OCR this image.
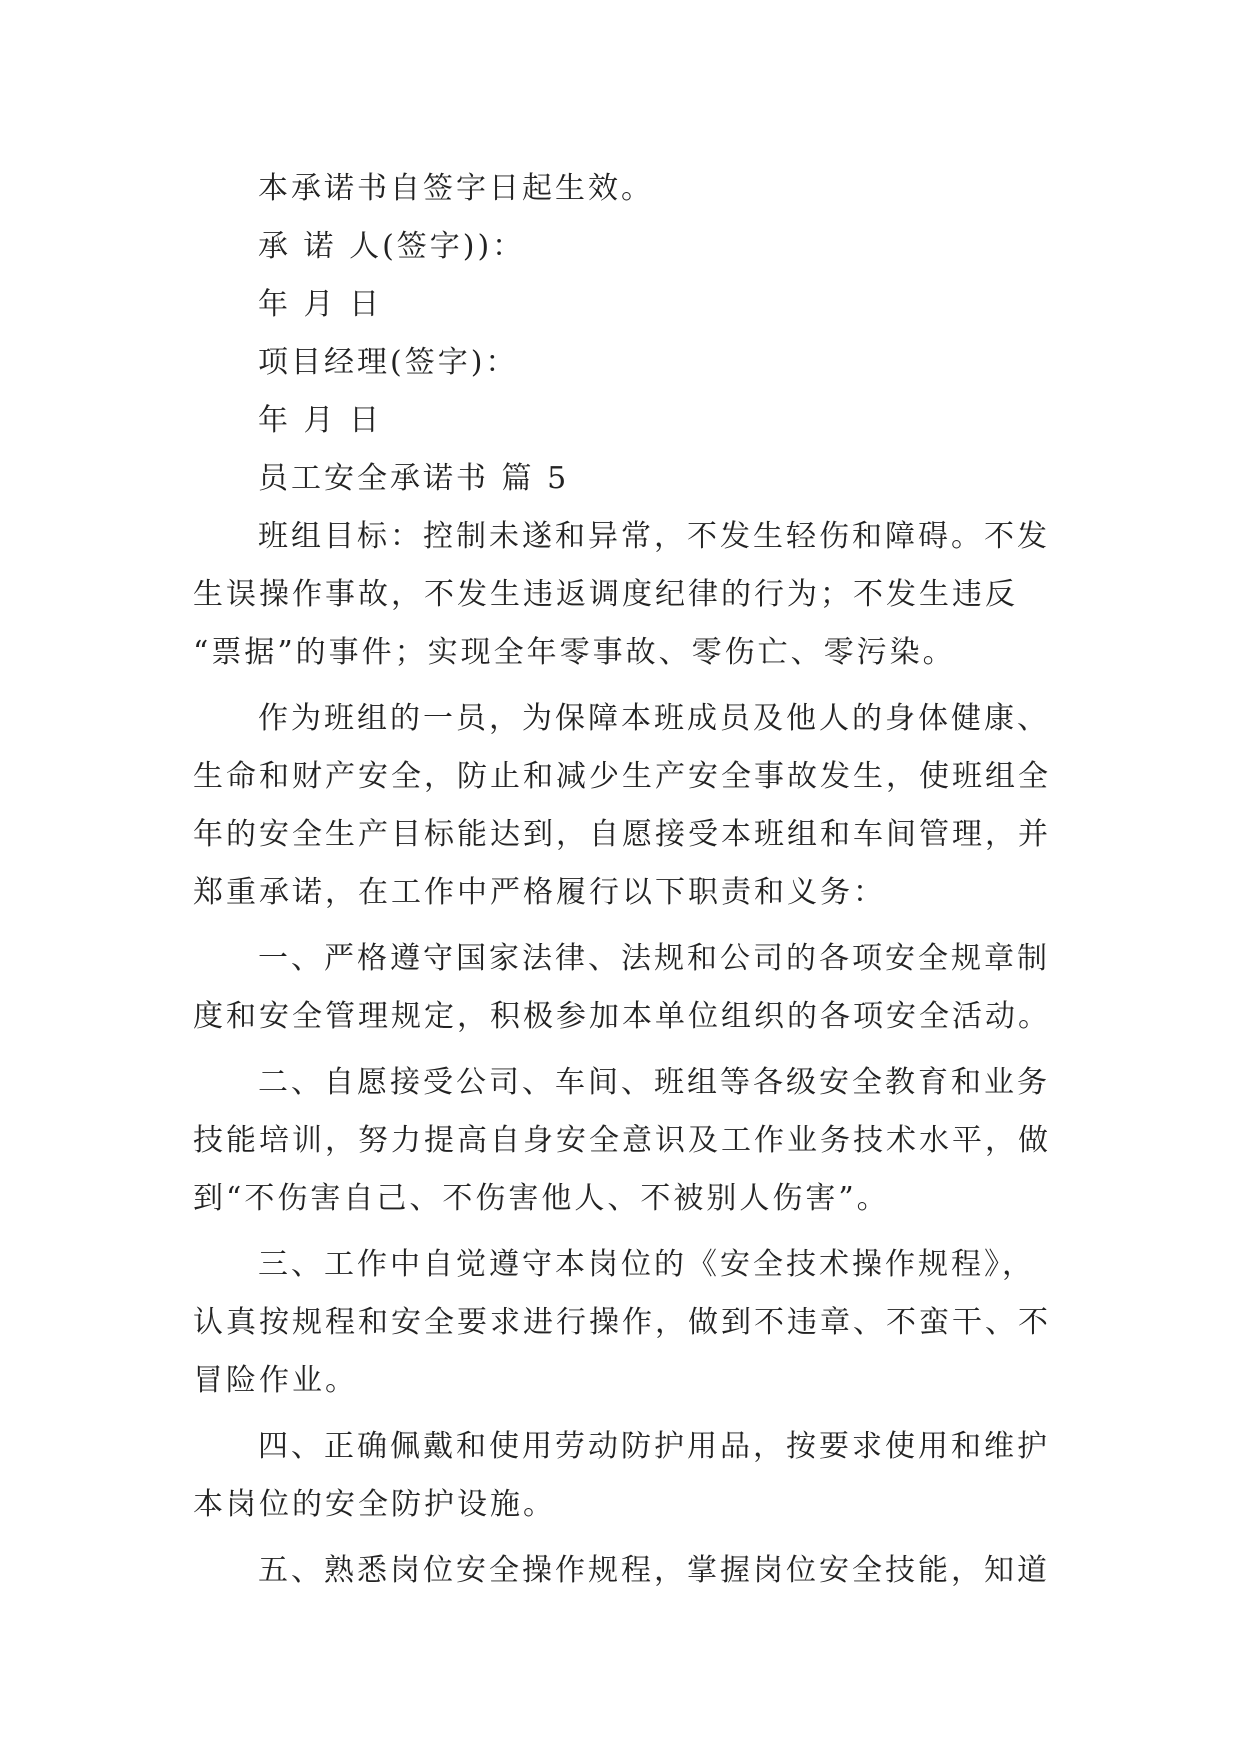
本承诺书自签字日起生效。
承 诺 人(签字))：
年 月 日
项目经理(签字)：
年 月 日
员工安全承诺书 篇 5
班组目标：控制未遂和异常，不发生轻伤和障碍。不发
生误操作事故，不发生违返调度纪律的行为；不发生违反
“票据”的事件；实现全年零事故、零伤亡、零污染。
作为班组的一员，为保障本班成员及他人的身体健康、
生命和财产安全，防止和减少生产安全事故发生，使班组全
年的安全生产目标能达到，自愿接受本班组和车间管理，并
郑重承诺，在工作中严格履行以下职责和义务：
一、严格遵守国家法律、法规和公司的各项安全规章制
度和安全管理规定，积极参加本单位组织的各项安全活动。
二、自愿接受公司、车间、班组等各级安全教育和业务
技能培训，努力提高自身安全意识及工作业务技术水平，做
到“不伤害自己、不伤害他人、不被别人伤害”。
三、工作中自觉遵守本岗位的《安全技术操作规程》，
认真按规程和安全要求进行操作，做到不违章、不蛮干、不
冒险作业。
四、正确佩戴和使用劳动防护用品，按要求使用和维护
本岗位的安全防护设施。
五、熟悉岗位安全操作规程，掌握岗位安全技能，知道
